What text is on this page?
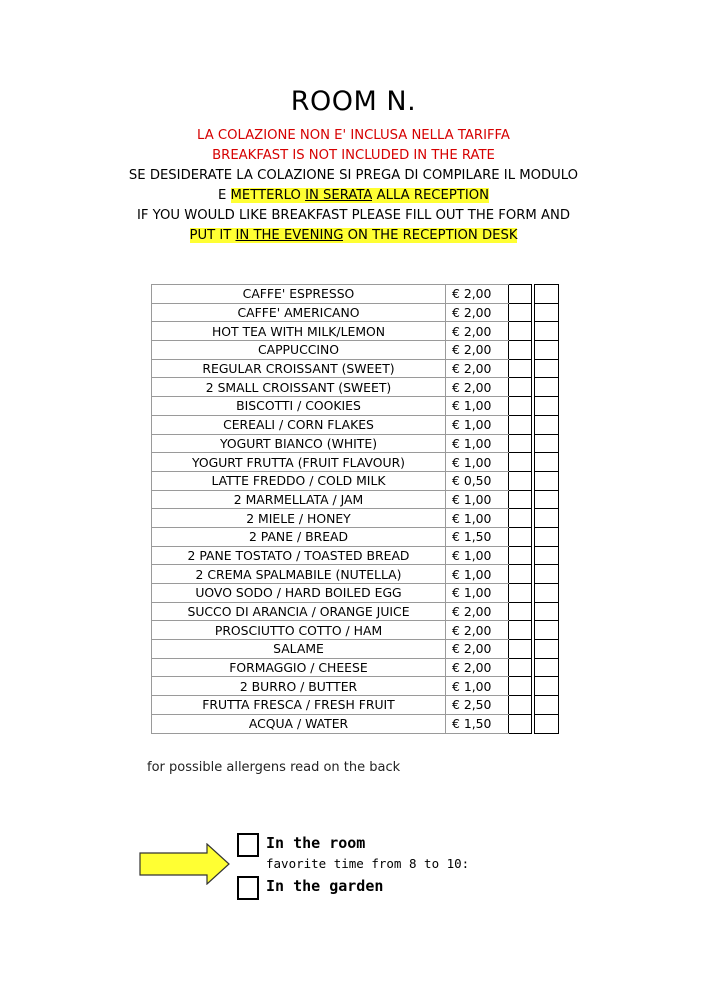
ROOM N.
LA COLAZIONE NON E' INCLUSA NELLA TARIFFA
BREAKFAST IS NOT INCLUDED IN THE RATE
SE DESIDERATE LA COLAZIONE SI PREGA DI COMPILARE IL MODULO
E METTERLO IN SERATA ALLA RECEPTION
IF YOU WOULD LIKE BREAKFAST PLEASE FILL OUT THE FORM AND
PUT IT IN THE EVENING ON THE RECEPTION DESK
CAFFE' ESPRESSO	€ 2,00			
CAFFE' AMERICANO	€ 2,00			
HOT TEA WITH MILK/LEMON	€ 2,00			
CAPPUCCINO	€ 2,00			
REGULAR CROISSANT (SWEET)	€ 2,00			
2 SMALL CROISSANT (SWEET)	€ 2,00			
BISCOTTI / COOKIES	€ 1,00			
CEREALI / CORN FLAKES	€ 1,00			
YOGURT BIANCO (WHITE)	€ 1,00			
YOGURT FRUTTA (FRUIT FLAVOUR)	€ 1,00			
LATTE FREDDO / COLD MILK	€ 0,50			
2 MARMELLATA / JAM	€ 1,00			
2 MIELE / HONEY	€ 1,00			
2 PANE / BREAD	€ 1,50			
2 PANE TOSTATO / TOASTED BREAD	€ 1,00			
2 CREMA SPALMABILE (NUTELLA)	€ 1,00			
UOVO SODO / HARD BOILED EGG	€ 1,00			
SUCCO DI ARANCIA / ORANGE JUICE	€ 2,00			
PROSCIUTTO COTTO / HAM	€ 2,00			
SALAME	€ 2,00			
FORMAGGIO / CHEESE	€ 2,00			
2 BURRO / BUTTER	€ 1,00			
FRUTTA FRESCA / FRESH FRUIT	€ 2,50			
ACQUA / WATER	€ 1,50			
for possible allergens read on the back
In the room
favorite time from 8 to 10:
In the garden
